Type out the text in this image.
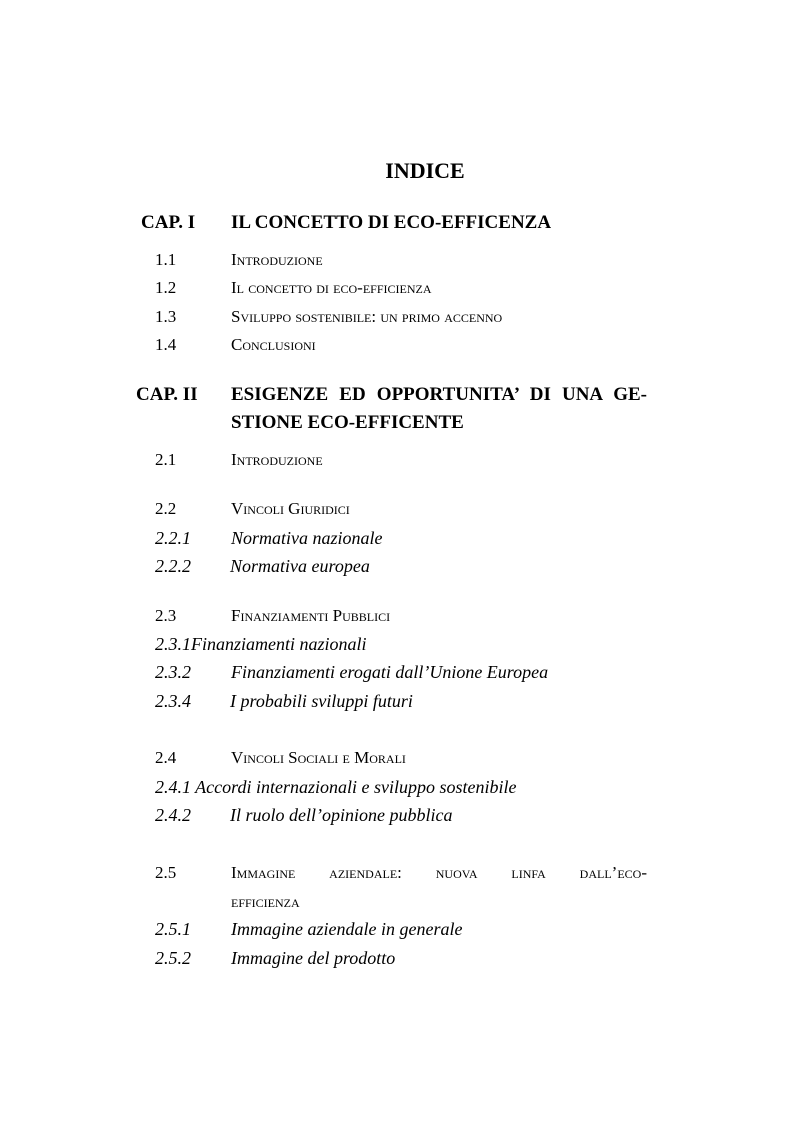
INDICE
CAP. I IL CONCETTO DI ECO-EFFICENZA
1.1	Introduzione
1.2	Il concetto di eco-efficienza
1.3	Sviluppo sostenibile: un primo accenno
1.4	Conclusioni
CAP. II ESIGENZE ED OPPORTUNITA’ DI UNA GE-
STIONE ECO-EFFICENTE
2.1	Introduzione
2.2	Vincoli Giuridici
2.2.1 Normativa nazionale
2.2.2 Normativa europea
2.3	Finanziamenti Pubblici
2.3.1Finanziamenti nazionali
2.3.2 Finanziamenti erogati dall’Unione Europea
2.3.4 I probabili sviluppi futuri
2.4	Vincoli Sociali e Morali
2.4.1 Accordi internazionali e sviluppo sostenibile
2.4.2 Il ruolo dell’opinione pubblica
2.5	Immagine aziendale: nuova linfa dall’eco-
efficienza
2.5.1 Immagine aziendale in generale
2.5.2 Immagine del prodotto
